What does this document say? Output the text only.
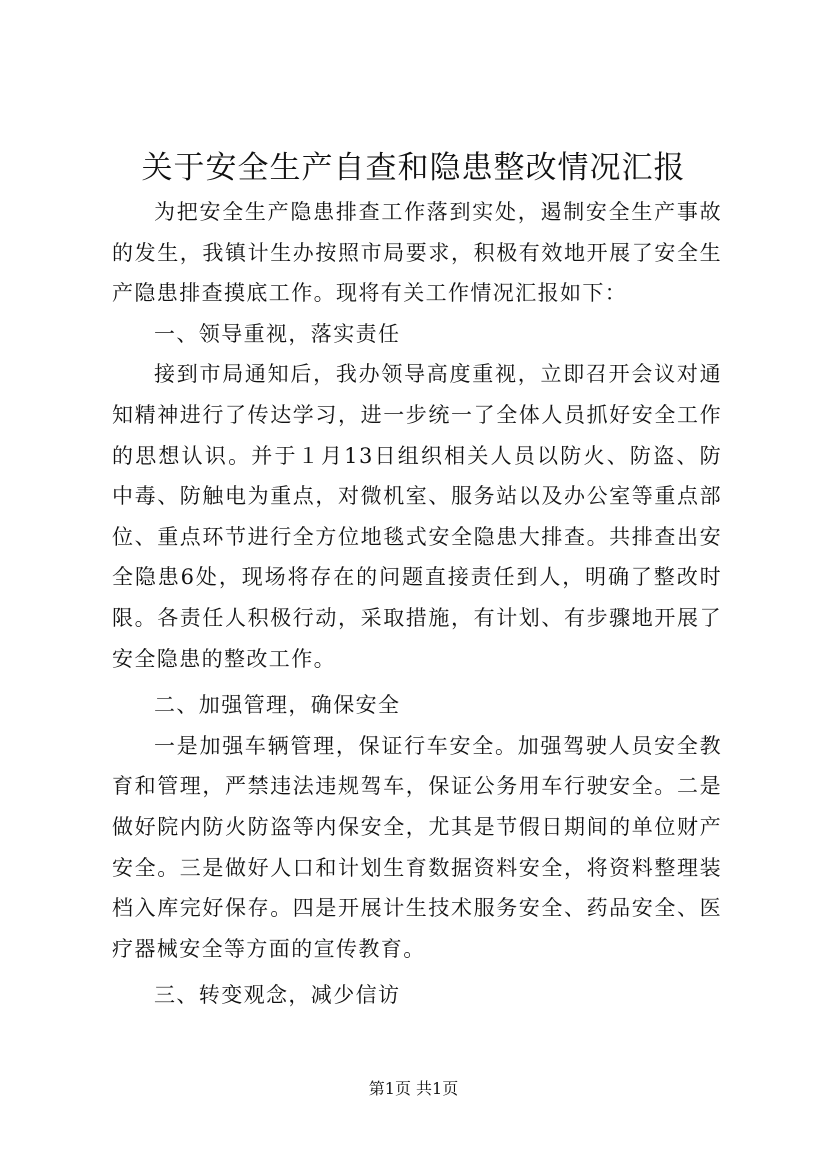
关于安全生产自查和隐患整改情况汇报

为把安全生产隐患排查工作落到实处，遏制安全生产事故的发生，我镇计生办按照市局要求，积极有效地开展了安全生产隐患排查摸底工作。现将有关工作情况汇报如下：

一、领导重视，落实责任

接到市局通知后，我办领导高度重视，立即召开会议对通知精神进行了传达学习，进一步统一了全体人员抓好安全工作的思想认识。并于１月13日组织相关人员以防火、防盗、防中毒、防触电为重点，对微机室、服务站以及办公室等重点部位、重点环节进行全方位地毯式安全隐患大排查。共排查出安全隐患6处，现场将存在的问题直接责任到人，明确了整改时限。各责任人积极行动，采取措施，有计划、有步骤地开展了安全隐患的整改工作。

二、加强管理，确保安全

一是加强车辆管理，保证行车安全。加强驾驶人员安全教育和管理，严禁违法违规驾车，保证公务用车行驶安全。二是做好院内防火防盗等内保安全，尤其是节假日期间的单位财产安全。三是做好人口和计划生育数据资料安全，将资料整理装档入库完好保存。四是开展计生技术服务安全、药品安全、医疗器械安全等方面的宣传教育。

三、转变观念，减少信访

第1页 共1页
